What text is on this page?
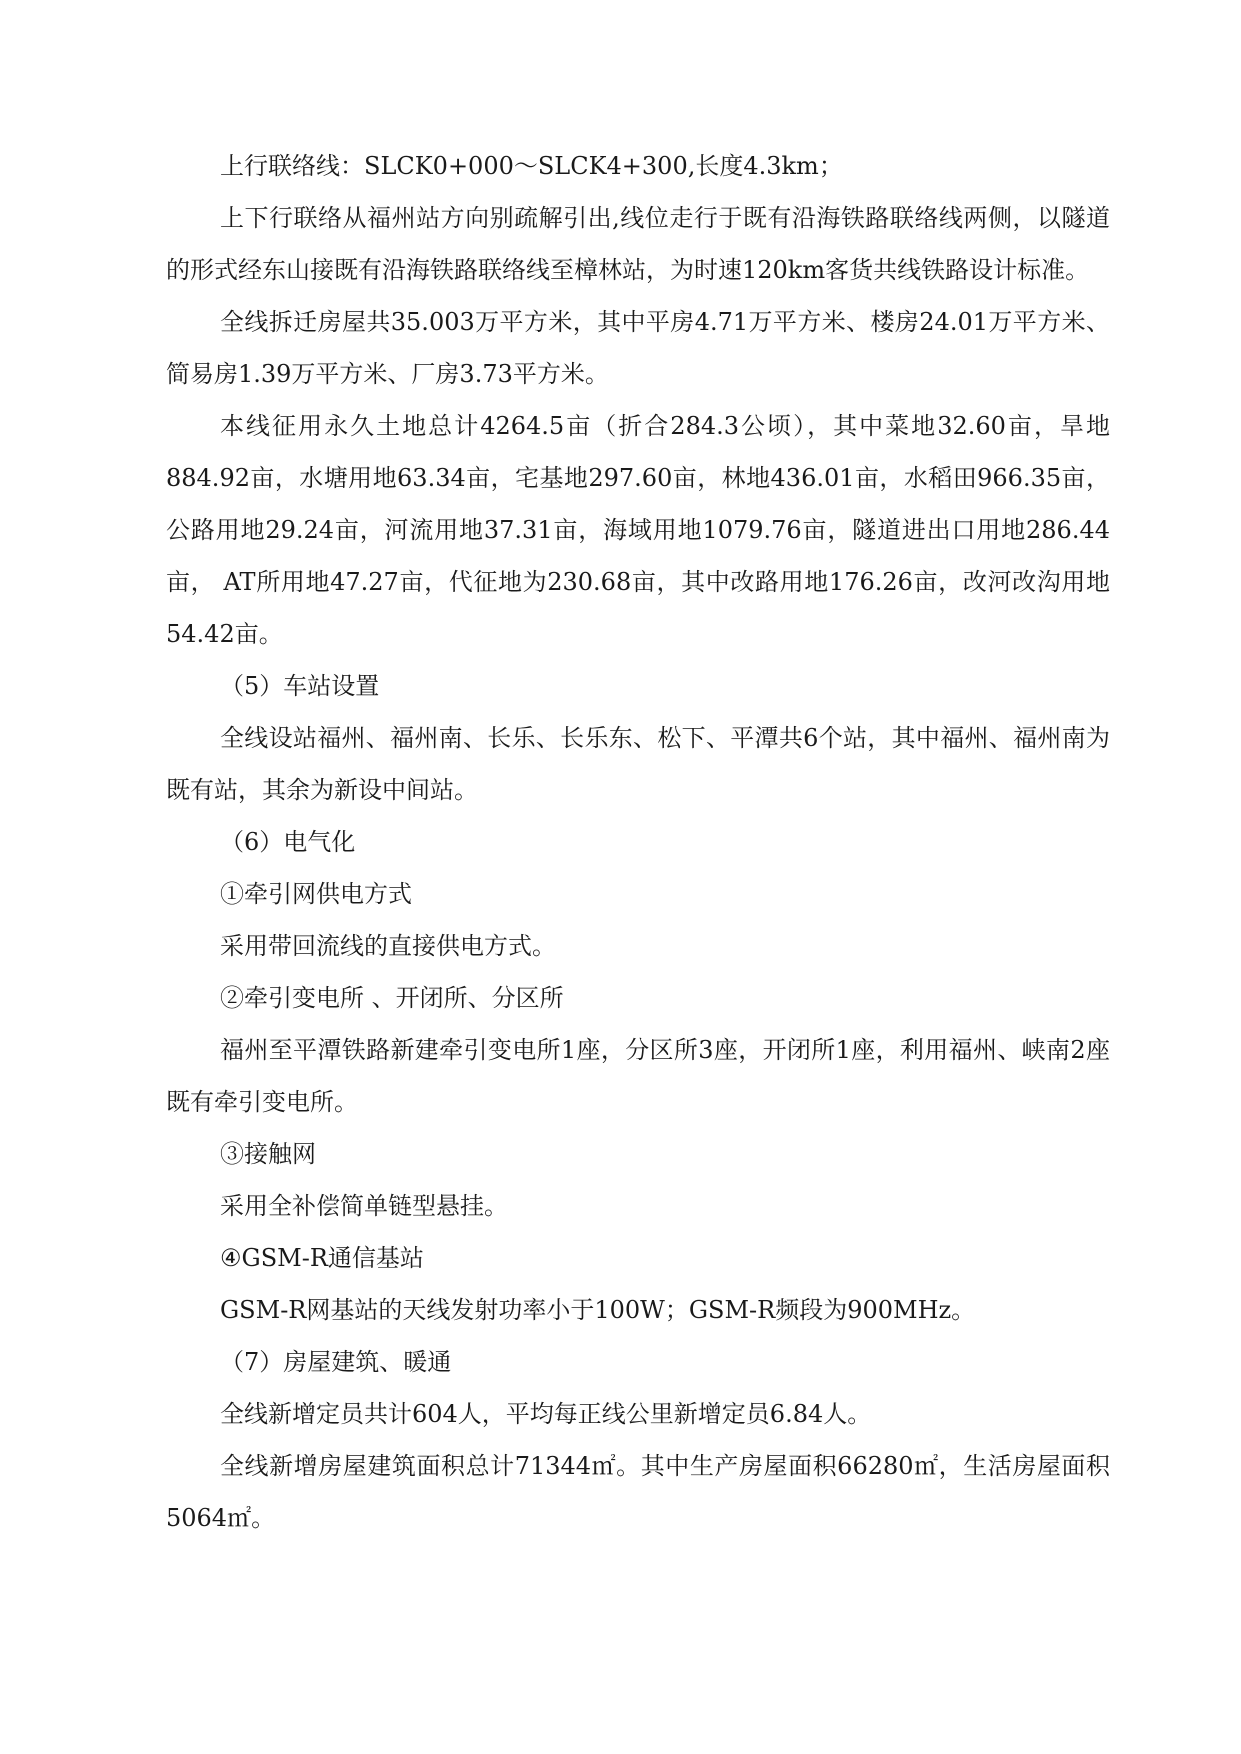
上行联络线：SLCK0+000～SLCK4+300,长度4.3km；

上下行联络从福州站方向别疏解引出,线位走行于既有沿海铁路联络线两侧，以隧道的形式经东山接既有沿海铁路联络线至樟林站，为时速120km客货共线铁路设计标准。

全线拆迁房屋共35.003万平方米，其中平房4.71万平方米、楼房24.01万平方米、简易房1.39万平方米、厂房3.73平方米。

本线征用永久土地总计4264.5亩（折合284.3公顷），其中菜地32.60亩，旱地884.92亩，水塘用地63.34亩，宅基地297.60亩，林地436.01亩，水稻田966.35亩，公路用地29.24亩，河流用地37.31亩，海域用地1079.76亩，隧道进出口用地286.44亩， AT所用地47.27亩，代征地为230.68亩，其中改路用地176.26亩，改河改沟用地54.42亩。

（5）车站设置

全线设站福州、福州南、长乐、长乐东、松下、平潭共6个站，其中福州、福州南为既有站，其余为新设中间站。

（6）电气化

①牵引网供电方式

采用带回流线的直接供电方式。

②牵引变电所 、开闭所、分区所

福州至平潭铁路新建牵引变电所1座，分区所3座，开闭所1座，利用福州、峡南2座既有牵引变电所。

③接触网

采用全补偿简单链型悬挂。

④GSM-R通信基站

GSM-R网基站的天线发射功率小于100W；GSM-R频段为900MHz。

（7）房屋建筑、暖通

全线新增定员共计604人，平均每正线公里新增定员6.84人。

全线新增房屋建筑面积总计71344㎡。其中生产房屋面积66280㎡，生活房屋面积5064㎡。
